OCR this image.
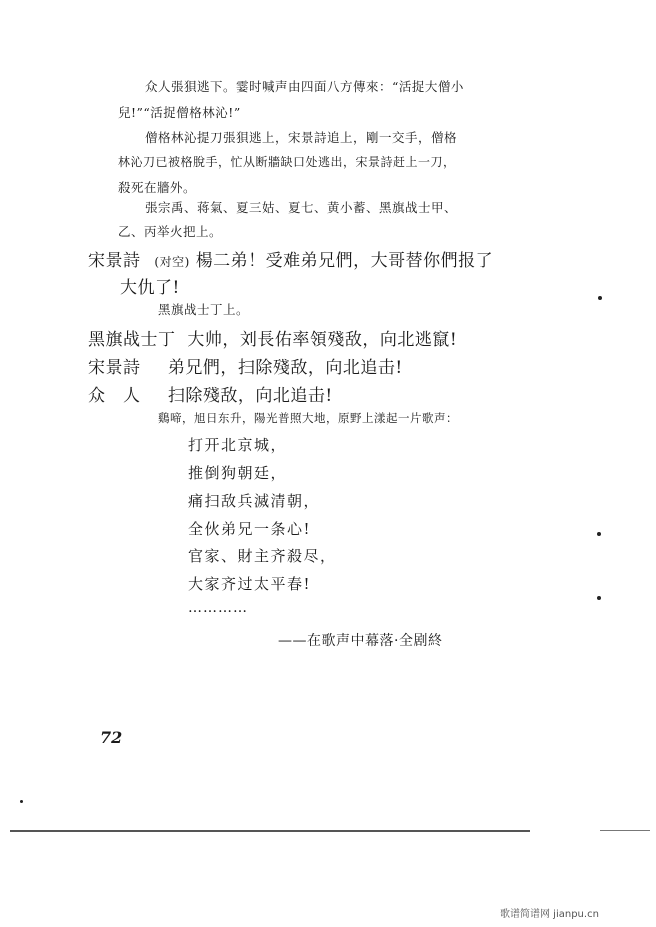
众人張狽逃下。霎时喊声由四面八方傳來：“活捉大僧小
兒!”“活捉僧格林沁!”
僧格林沁提刀張狽逃上，宋景詩追上，剛一交手，僧格
林沁刀已被格脫手，忙从断牆缺口处逃出，宋景詩赶上一刀，
殺死在牆外。
張宗禹、蒋氣、夏三姑、夏七、黄小蓄、黑旗战士甲、
乙、丙举火把上。
宋景詩 (对空) 楊二弟！受难弟兄們，大哥替你們报了
大仇了!
黑旗战士丁上。
黑旗战士丁 大帅，刘長佑率領殘敌，向北逃竄!
宋景詩 弟兄們，扫除殘敌，向北追击!
众　人 扫除殘敌，向北追击!
鷄啼，旭日东升，陽光普照大地，原野上漾起一片歌声：
打开北京城，
推倒狗朝廷，
痛扫敌兵滅清朝，
全伙弟兄一条心!
官家、財主齐殺尽，
大家齐过太平春!
…………
——在歌声中幕落·全剧終
72
歌谱简谱网 jianpu.cn
